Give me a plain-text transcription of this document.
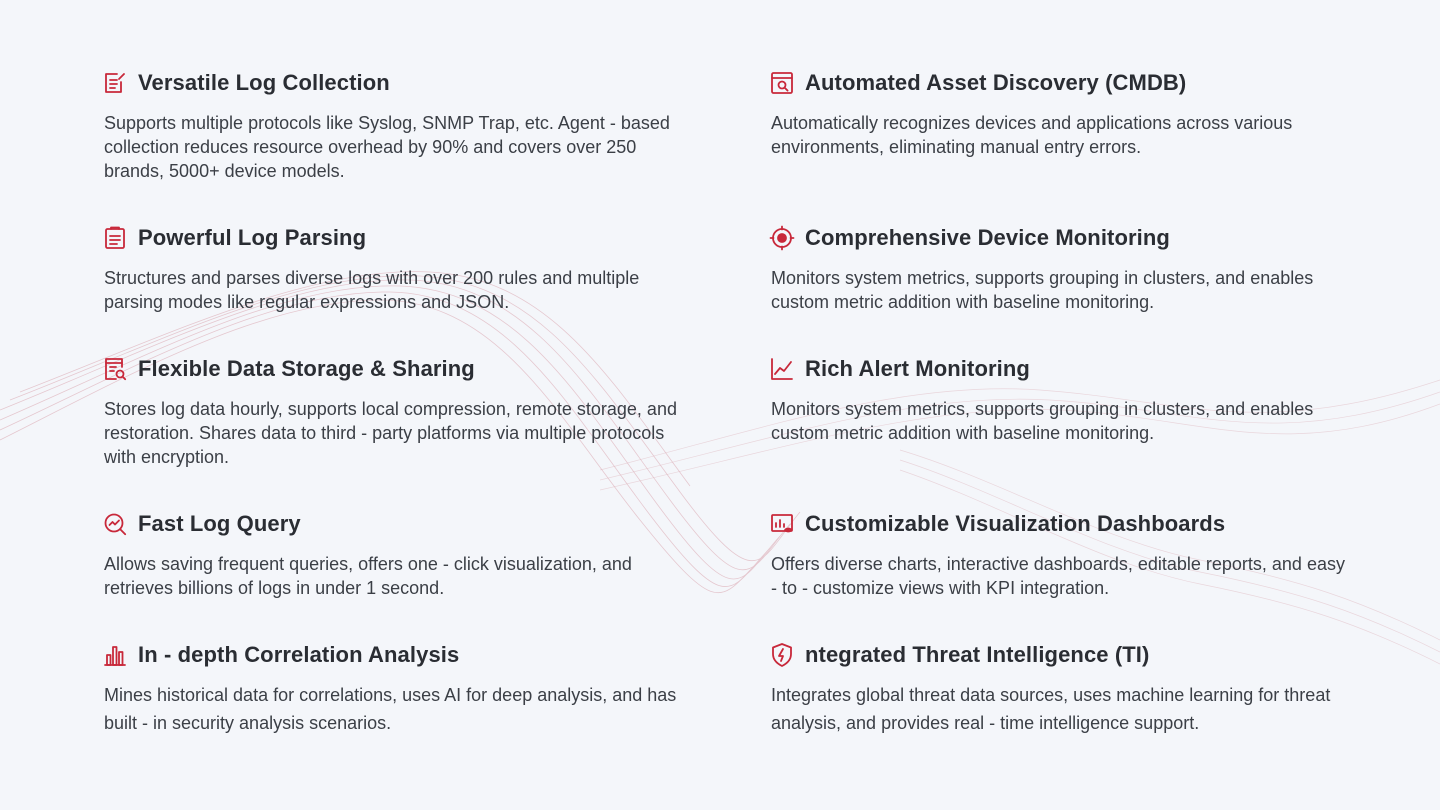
Versatile Log Collection
Supports multiple protocols like Syslog, SNMP Trap, etc. Agent - based collection reduces resource overhead by 90% and covers over 250 brands, 5000+ device models.
Powerful Log Parsing
Structures and parses diverse logs with over 200 rules and multiple parsing modes like regular expressions and JSON.
Flexible Data Storage & Sharing
Stores log data hourly, supports local compression, remote storage, and restoration. Shares data to third - party platforms via multiple protocols with encryption.
Fast Log Query
Allows saving frequent queries, offers one - click visualization, and retrieves billions of logs in under 1 second.
In - depth Correlation Analysis
Mines historical data for correlations, uses AI for deep analysis, and has built - in security analysis scenarios.
Automated Asset Discovery (CMDB)
Automatically recognizes devices and applications across various environments, eliminating manual entry errors.
Comprehensive Device Monitoring
Monitors system metrics, supports grouping in clusters, and enables custom metric addition with baseline monitoring.
Rich Alert Monitoring
Monitors system metrics, supports grouping in clusters, and enables custom metric addition with baseline monitoring.
Customizable Visualization Dashboards
Offers diverse charts, interactive dashboards, editable reports, and easy - to - customize views with KPI integration.
ntegrated Threat Intelligence (TI)
Integrates global threat data sources, uses machine learning for threat analysis, and provides real - time intelligence support.
